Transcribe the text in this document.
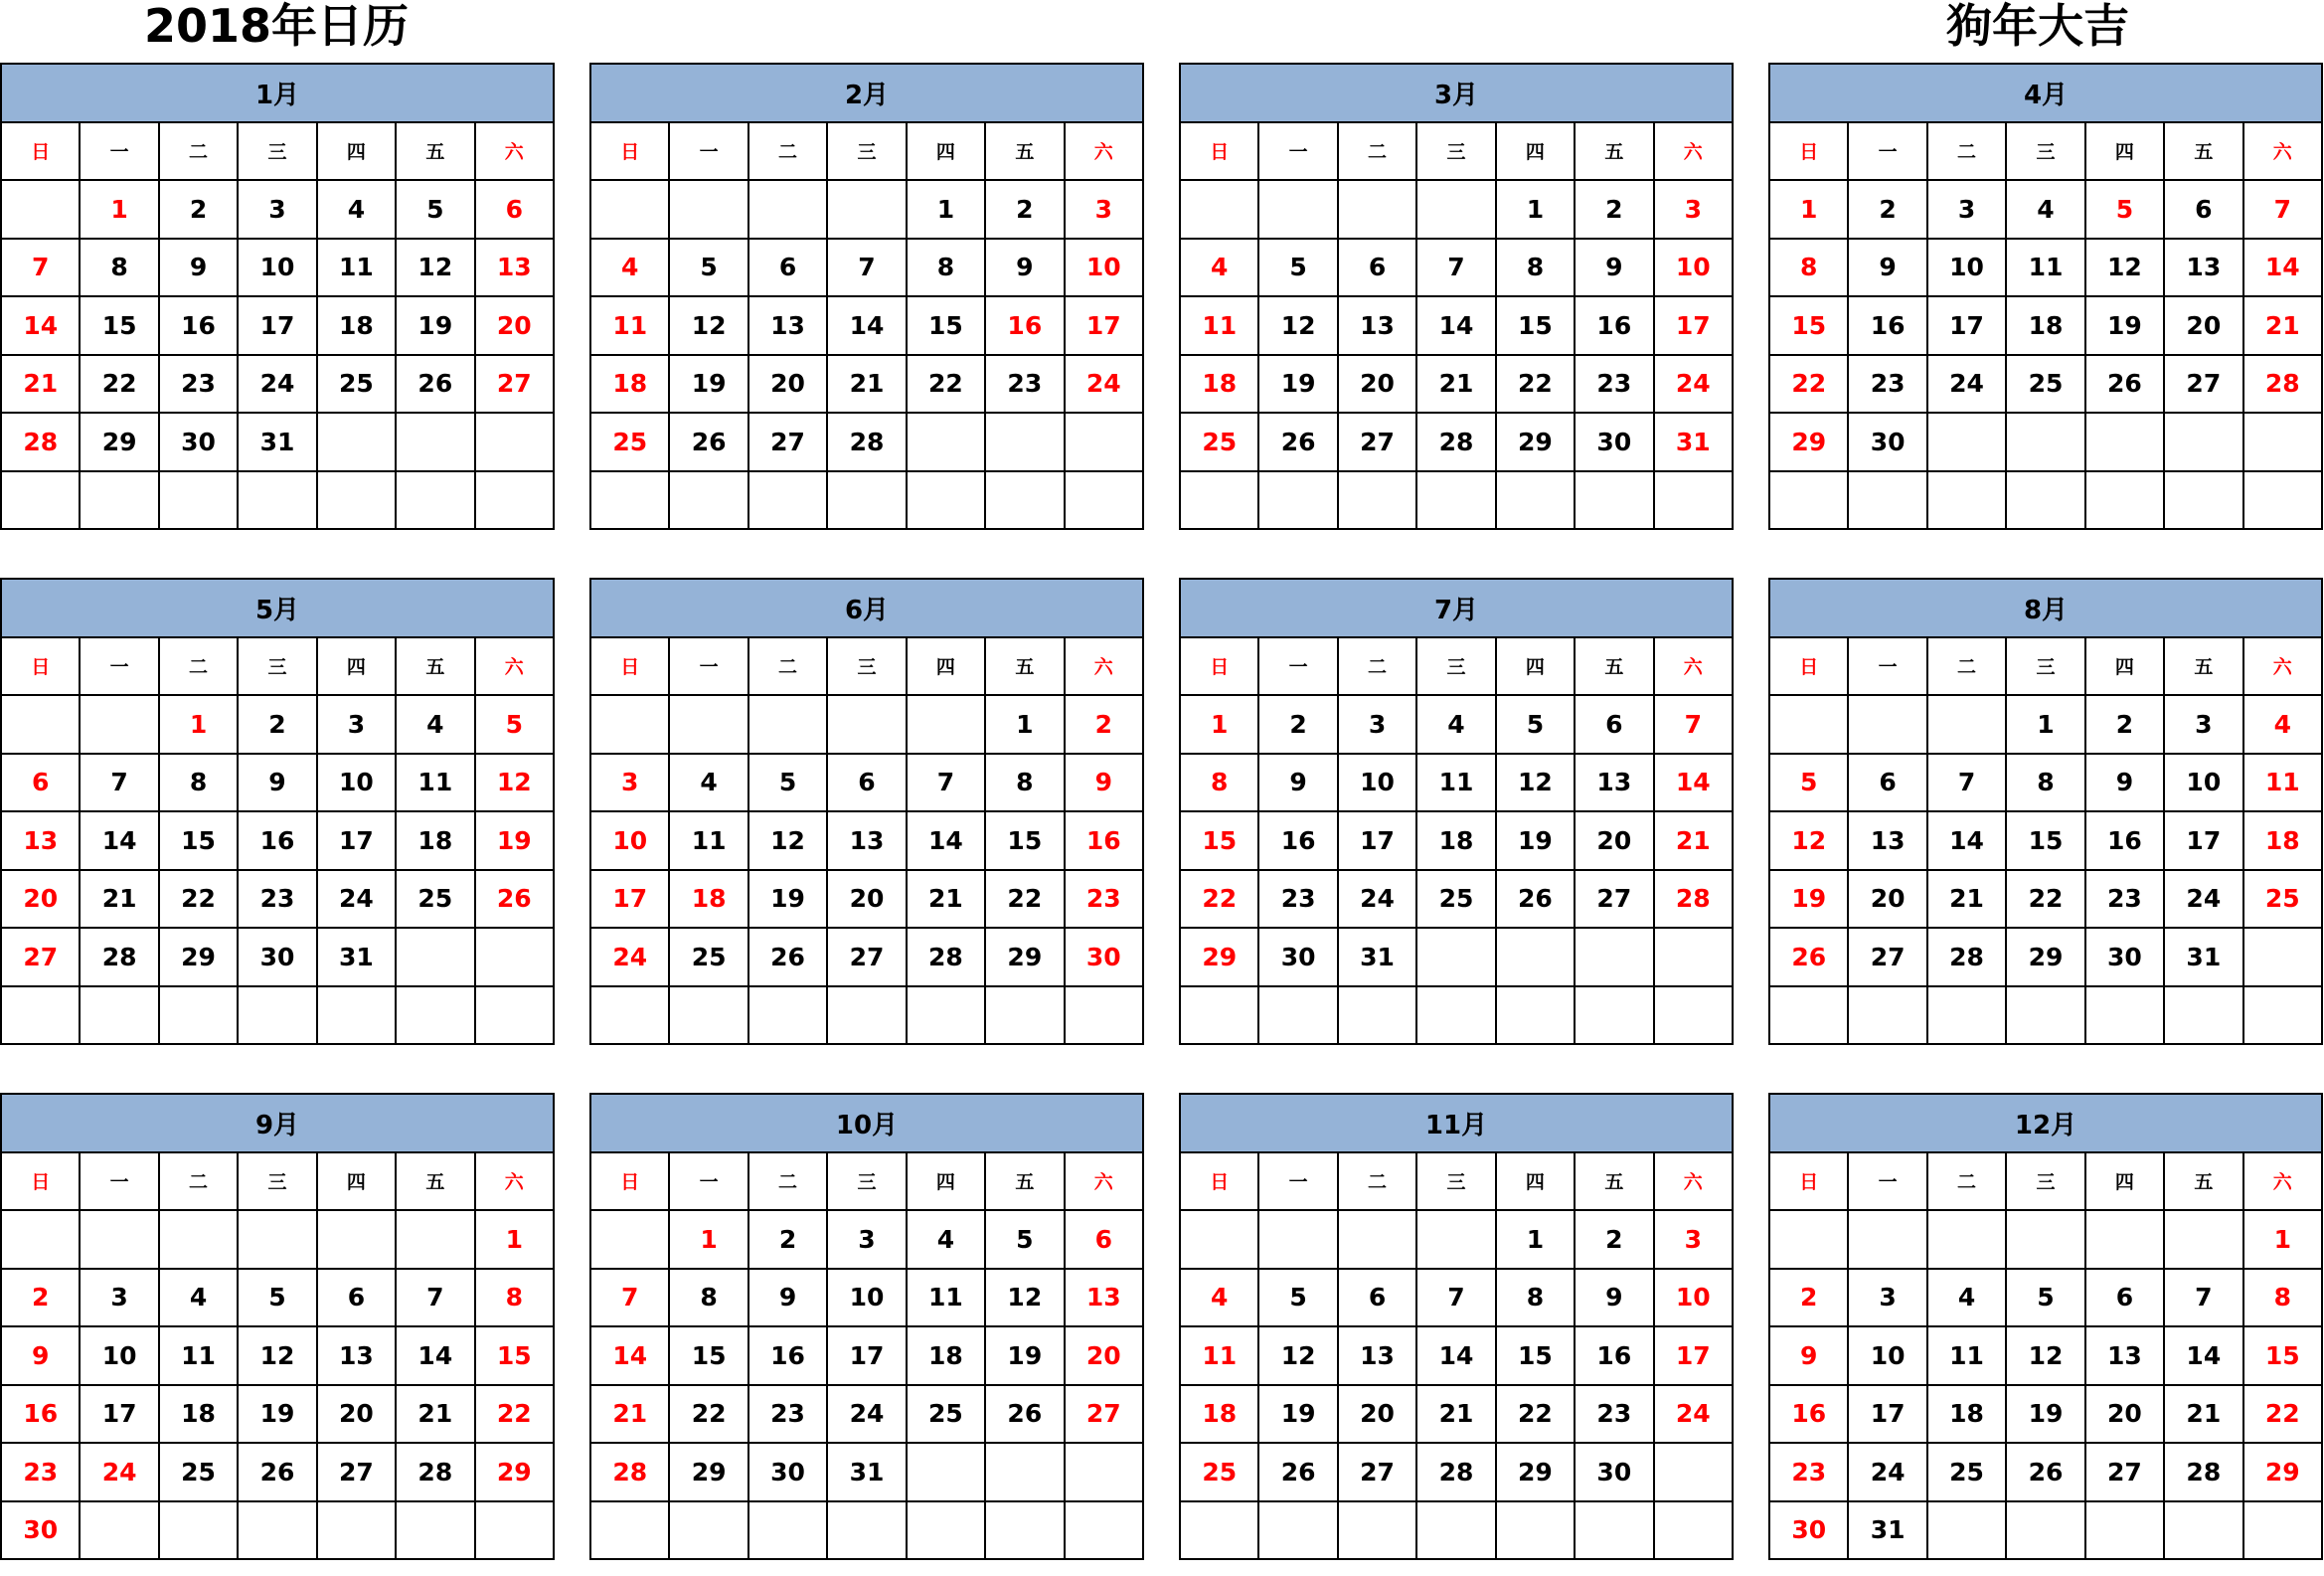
2018年日历	狗年大吉
1月						
日	一	二	三	四	五	六
	1	2	3	4	5	6
7	8	9	10	11	12	13
14	15	16	17	18	19	20
21	22	23	24	25	26	27
28	29	30	31			

2月						
日	一	二	三	四	五	六
				1	2	3
4	5	6	7	8	9	10
11	12	13	14	15	16	17
18	19	20	21	22	23	24
25	26	27	28			

3月						
日	一	二	三	四	五	六
				1	2	3
4	5	6	7	8	9	10
11	12	13	14	15	16	17
18	19	20	21	22	23	24
25	26	27	28	29	30	31

4月						
日	一	二	三	四	五	六
1	2	3	4	5	6	7
8	9	10	11	12	13	14
15	16	17	18	19	20	21
22	23	24	25	26	27	28
29	30					

5月						
日	一	二	三	四	五	六
		1	2	3	4	5
6	7	8	9	10	11	12
13	14	15	16	17	18	19
20	21	22	23	24	25	26
27	28	29	30	31		

6月						
日	一	二	三	四	五	六
					1	2
3	4	5	6	7	8	9
10	11	12	13	14	15	16
17	18	19	20	21	22	23
24	25	26	27	28	29	30

7月						
日	一	二	三	四	五	六
1	2	3	4	5	6	7
8	9	10	11	12	13	14
15	16	17	18	19	20	21
22	23	24	25	26	27	28
29	30	31				

8月						
日	一	二	三	四	五	六
			1	2	3	4
5	6	7	8	9	10	11
12	13	14	15	16	17	18
19	20	21	22	23	24	25
26	27	28	29	30	31	

9月						
日	一	二	三	四	五	六
						1
2	3	4	5	6	7	8
9	10	11	12	13	14	15
16	17	18	19	20	21	22
23	24	25	26	27	28	29
30						
10月						
日	一	二	三	四	五	六
	1	2	3	4	5	6
7	8	9	10	11	12	13
14	15	16	17	18	19	20
21	22	23	24	25	26	27
28	29	30	31			

11月						
日	一	二	三	四	五	六
				1	2	3
4	5	6	7	8	9	10
11	12	13	14	15	16	17
18	19	20	21	22	23	24
25	26	27	28	29	30	

12月						
日	一	二	三	四	五	六
						1
2	3	4	5	6	7	8
9	10	11	12	13	14	15
16	17	18	19	20	21	22
23	24	25	26	27	28	29
30	31					
